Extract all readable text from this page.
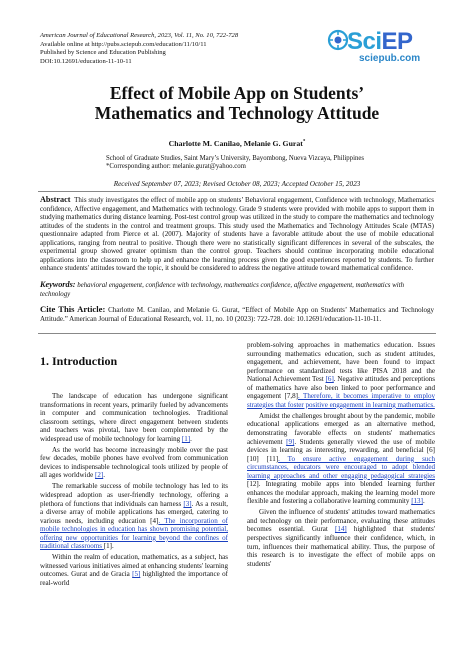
American Journal of Educational Research, 2023, Vol. 11, No. 10, 722-728
Available online at http://pubs.sciepub.com/education/11/10/11
Published by Science and Education Publishing
DOI:10.12691/education-11-10-11
SciEP
sciepub.com
Effect of Mobile App on Students’
Mathematics and Technology Attitude
Charlotte M. Canilao, Melanie G. Gurat*
School of Graduate Studies, Saint Mary’s University, Bayombong, Nueva Vizcaya, Philippines
*Corresponding author: melanie.gurat@yahoo.com
Received September 07, 2023; Revised October 08, 2023; Accepted October 15, 2023
Abstract This study investigates the effect of mobile app on students’ Behavioral engagement, Confidence with technology, Mathematics confidence, Affective engagement, and Mathematics with technology. Grade 9 students were provided with mobile apps to support them in studying mathematics during distance learning. Post-test control group was utilized in the study to compare the mathematics and technology attitudes of the students in the control and treatment groups. This study used the Mathematics and Technology Attitudes Scale (MTAS) questionnaire adapted from Pierce et al. (2007). Majority of students have a favorable attitude about the use of mobile educational applications, ranging from neutral to positive. Though there were no statistically significant differences in several of the subscales, the experimental group showed greater optimism than the control group. Teachers should continue incorporating mobile educational applications into the classroom to help up and enhance the learning process given the good experiences reported by students. To further enhance students' attitudes toward the topic, it should be considered to address the negative attitude toward mathematical confidence.
Keywords: behavioral engagement, confidence with technology, mathematics confidence, affective engagement, mathematics with technology
Cite This Article: Charlotte M. Canilao, and Melanie G. Gurat, “Effect of Mobile App on Students’ Mathematics and Technology Attitude.” American Journal of Educational Research, vol. 11, no. 10 (2023): 722-728. doi: 10.12691/education-11-10-11.
1. Introduction

The landscape of education has undergone significant transformations in recent years, primarily fueled by advancements in computer and communication technologies. Traditional classroom settings, where direct engagement between students and teachers was pivotal, have been complemented by the widespread use of mobile technology for learning [1].

As the world has become increasingly mobile over the past few decades, mobile phones have evolved from communication devices to indispensable technological tools utilized by people of all ages worldwide [2].

The remarkable success of mobile technology has led to its widespread adoption as user-friendly technology, offering a plethora of functions that individuals can harness [3]. As a result, a diverse array of mobile applications has emerged, catering to various needs, including education [4]. The incorporation of mobile technologies in education has shown promising potential, offering new opportunities for learning beyond the confines of traditional classrooms [1].

Within the realm of education, mathematics, as a subject, has witnessed various initiatives aimed at enhancing students' learning outcomes. Gurat and de Gracia [5] highlighted the importance of real-world

problem-solving approaches in mathematics education. Issues surrounding mathematics education, such as student attitudes, engagement, and achievement, have been found to impact performance on standardized tests like PISA 2018 and the National Achievement Test [6]. Negative attitudes and perceptions of mathematics have also been linked to poor performance and engagement [7,8]. Therefore, it becomes imperative to employ strategies that foster positive engagement in learning mathematics.

Amidst the challenges brought about by the pandemic, mobile educational applications emerged as an alternative method, demonstrating favorable effects on students' mathematics achievement [9]. Students generally viewed the use of mobile devices in learning as interesting, rewarding, and beneficial [6] [10] [11]. To ensure active engagement during such circumstances, educators were encouraged to adopt blended learning approaches and other engaging pedagogical strategies [12]. Integrating mobile apps into blended learning further enhances the modular approach, making the learning model more flexible and fostering a collaborative learning community [13].

Given the influence of students' attitudes toward mathematics and technology on their performance, evaluating these attitudes becomes essential. Gurat [14] highlighted that students' perspectives significantly influence their confidence, which, in turn, influences their mathematical ability. Thus, the purpose of this research is to investigate the effect of mobile apps on students'
